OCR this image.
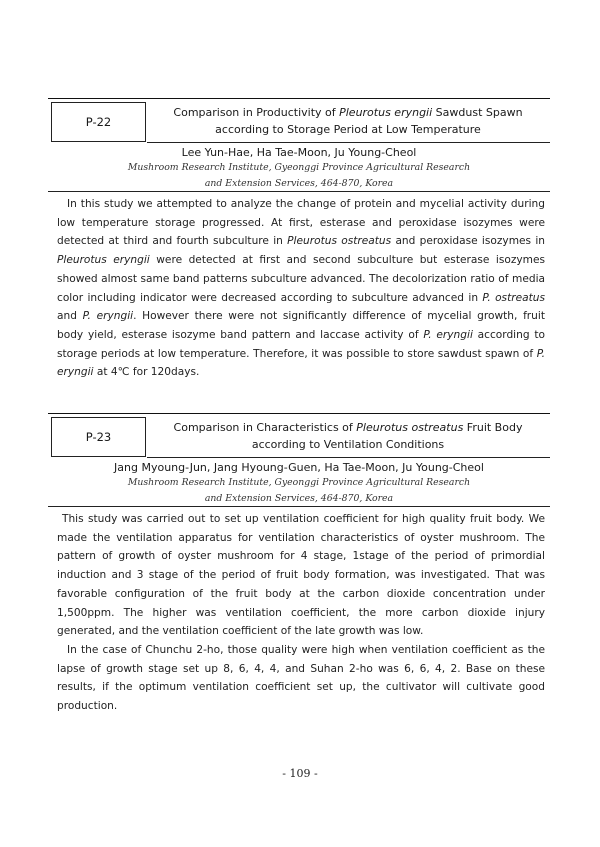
P-22
Comparison in Productivity of Pleurotus eryngii Sawdust Spawn
according to Storage Period at Low Temperature
Lee Yun-Hae, Ha Tae-Moon, Ju Young-Cheol
Mushroom Research Institute, Gyeonggi Province Agricultural Research
and Extension Services, 464-870, Korea

In this study we attempted to analyze the change of protein and mycelial activity during low temperature storage progressed. At first, esterase and peroxidase isozymes were detected at third and fourth subculture in Pleurotus ostreatus and peroxidase isozymes in Pleurotus eryngii were detected at first and second subculture but esterase isozymes showed almost same band patterns subculture advanced. The decolorization ratio of media color including indicator were decreased according to subculture advanced in P. ostreatus and P. eryngii. However there were not significantly difference of mycelial growth, fruit body yield, esterase isozyme band pattern and laccase activity of P. eryngii according to storage periods at low temperature. Therefore, it was possible to store sawdust spawn of P. eryngii at 4℃ for 120days.

P-23
Comparison in Characteristics of Pleurotus ostreatus Fruit Body
according to Ventilation Conditions
Jang Myoung-Jun, Jang Hyoung-Guen, Ha Tae-Moon, Ju Young-Cheol
Mushroom Research Institute, Gyeonggi Province Agricultural Research
and Extension Services, 464-870, Korea

This study was carried out to set up ventilation coefficient for high quality fruit body. We made the ventilation apparatus for ventilation characteristics of oyster mushroom. The pattern of growth of oyster mushroom for 4 stage, 1stage of the period of primordial induction and 3 stage of the period of fruit body formation, was investigated. That was favorable configuration of the fruit body at the carbon dioxide concentration under 1,500ppm. The higher was ventilation coefficient, the more carbon dioxide injury generated, and the ventilation coefficient of the late growth was low.

In the case of Chunchu 2-ho, those quality were high when ventilation coefficient as the lapse of growth stage set up 8, 6, 4, 4, and Suhan 2-ho was 6, 6, 4, 2. Base on these results, if the optimum ventilation coefficient set up, the cultivator will cultivate good production.

- 109 -
